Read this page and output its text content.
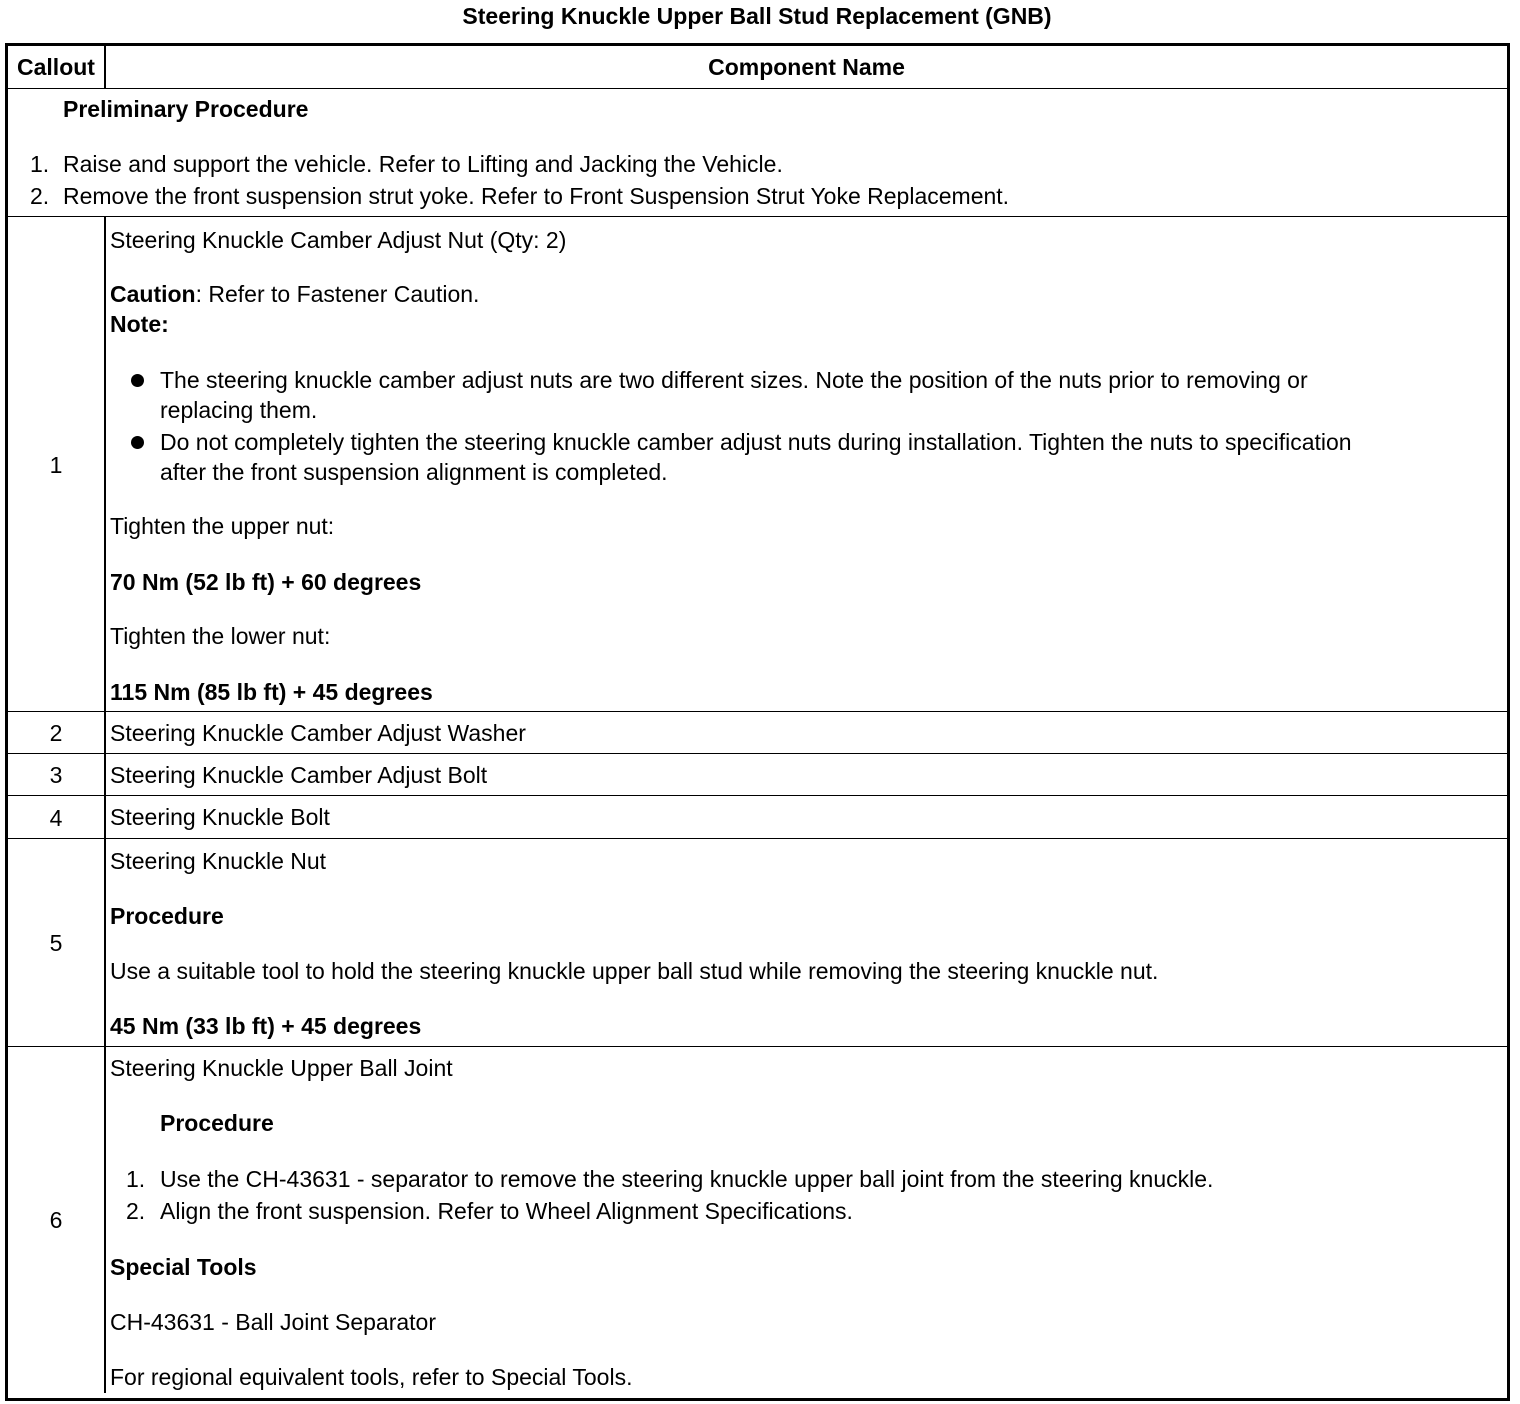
Steering Knuckle Upper Ball Stud Replacement (GNB)
Callout	Component Name
Preliminary Procedure
1. Raise and support the vehicle. Refer to Lifting and Jacking the Vehicle.
2. Remove the front suspension strut yoke. Refer to Front Suspension Strut Yoke Replacement.
1
Steering Knuckle Camber Adjust Nut (Qty: 2)
Caution: Refer to Fastener Caution.
Note:
The steering knuckle camber adjust nuts are two different sizes. Note the position of the nuts prior to removing or
replacing them.
Do not completely tighten the steering knuckle camber adjust nuts during installation. Tighten the nuts to specification
after the front suspension alignment is completed.
Tighten the upper nut:
70 Nm (52 lb ft) + 60 degrees
Tighten the lower nut:
115 Nm (85 lb ft) + 45 degrees
2 Steering Knuckle Camber Adjust Washer
3 Steering Knuckle Camber Adjust Bolt
4 Steering Knuckle Bolt
5
Steering Knuckle Nut
Procedure
Use a suitable tool to hold the steering knuckle upper ball stud while removing the steering knuckle nut.
45 Nm (33 lb ft) + 45 degrees
6
Steering Knuckle Upper Ball Joint
Procedure
1. Use the CH-43631 - separator to remove the steering knuckle upper ball joint from the steering knuckle.
2. Align the front suspension. Refer to Wheel Alignment Specifications.
Special Tools
CH-43631 - Ball Joint Separator
For regional equivalent tools, refer to Special Tools.
